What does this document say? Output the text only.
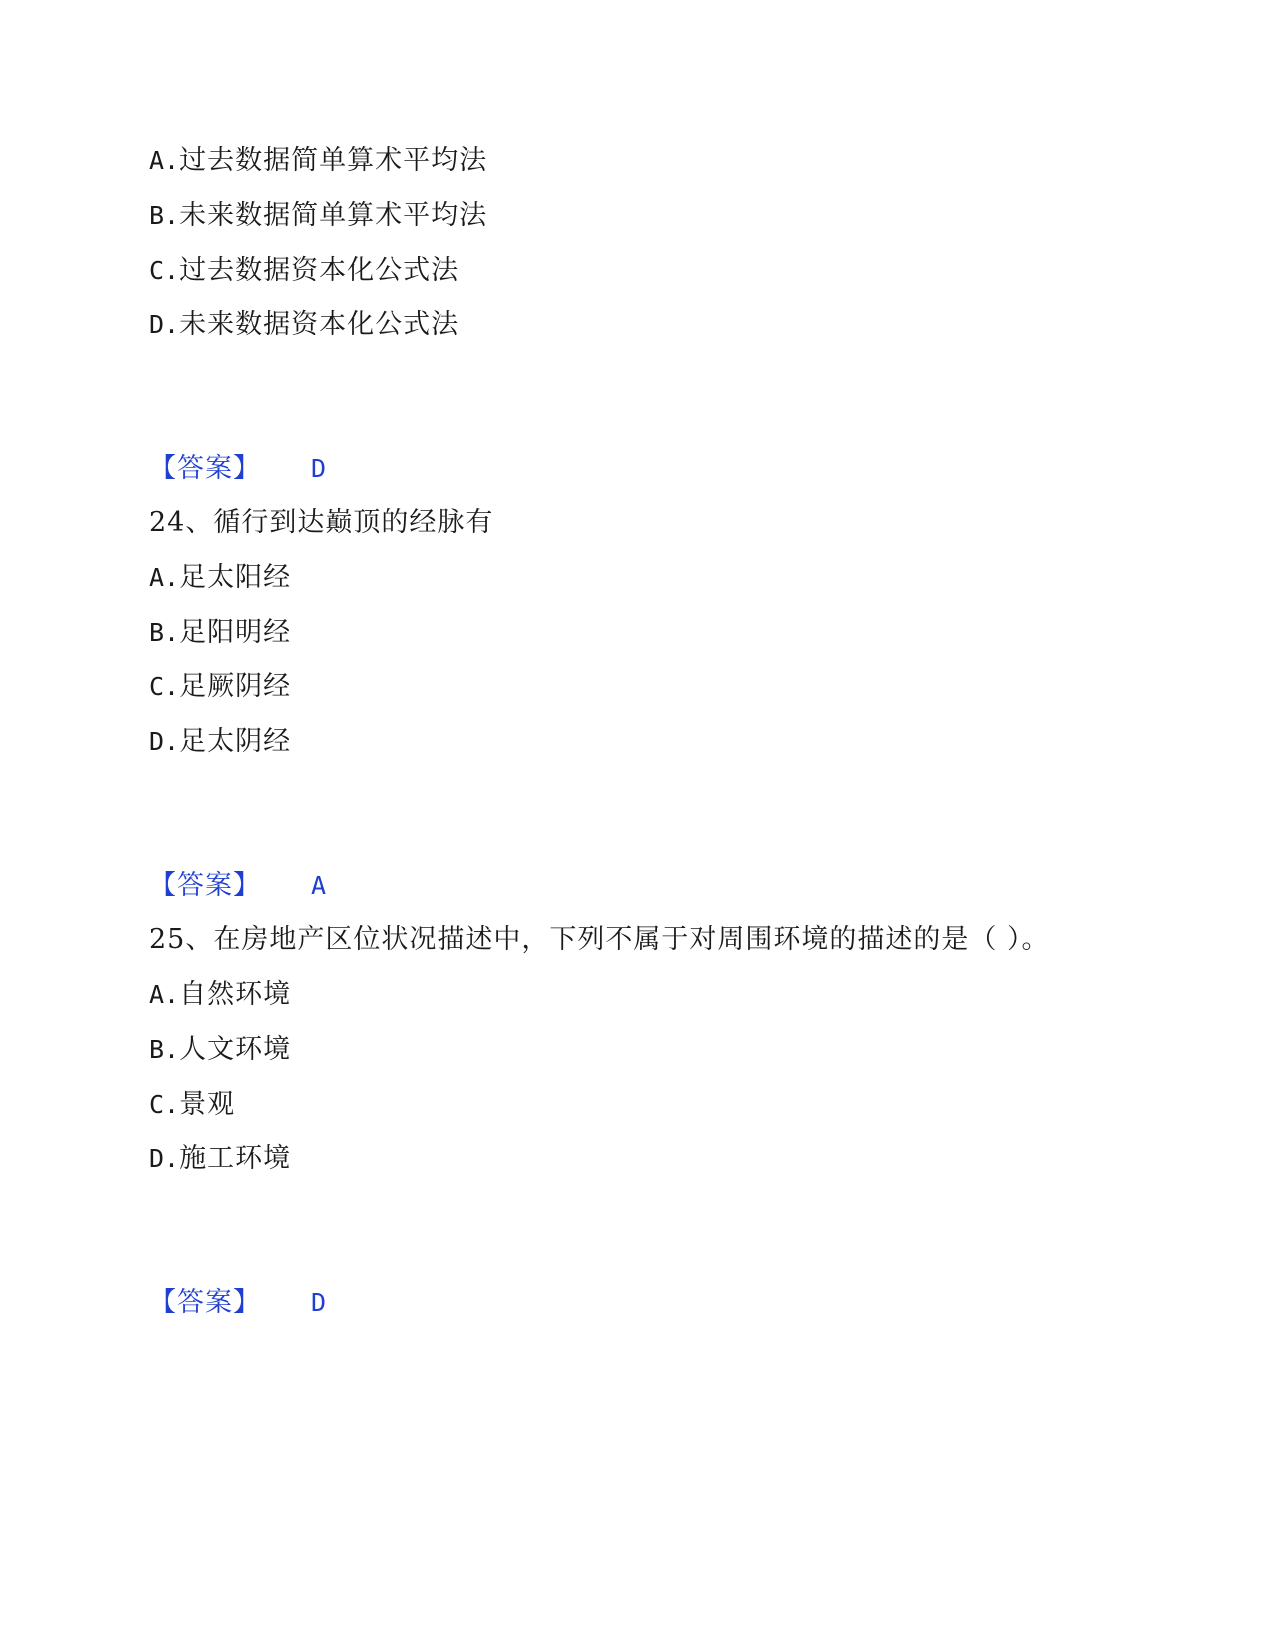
A.过去数据简单算术平均法
B.未来数据简单算术平均法
C.过去数据资本化公式法
D.未来数据资本化公式法
【答案】 D
24、循行到达巅顶的经脉有
A.足太阳经
B.足阳明经
C.足厥阴经
D.足太阴经
【答案】 A
25、在房地产区位状况描述中，下列不属于对周围环境的描述的是（ ）。
A.自然环境
B.人文环境
C.景观
D.施工环境
【答案】 D
